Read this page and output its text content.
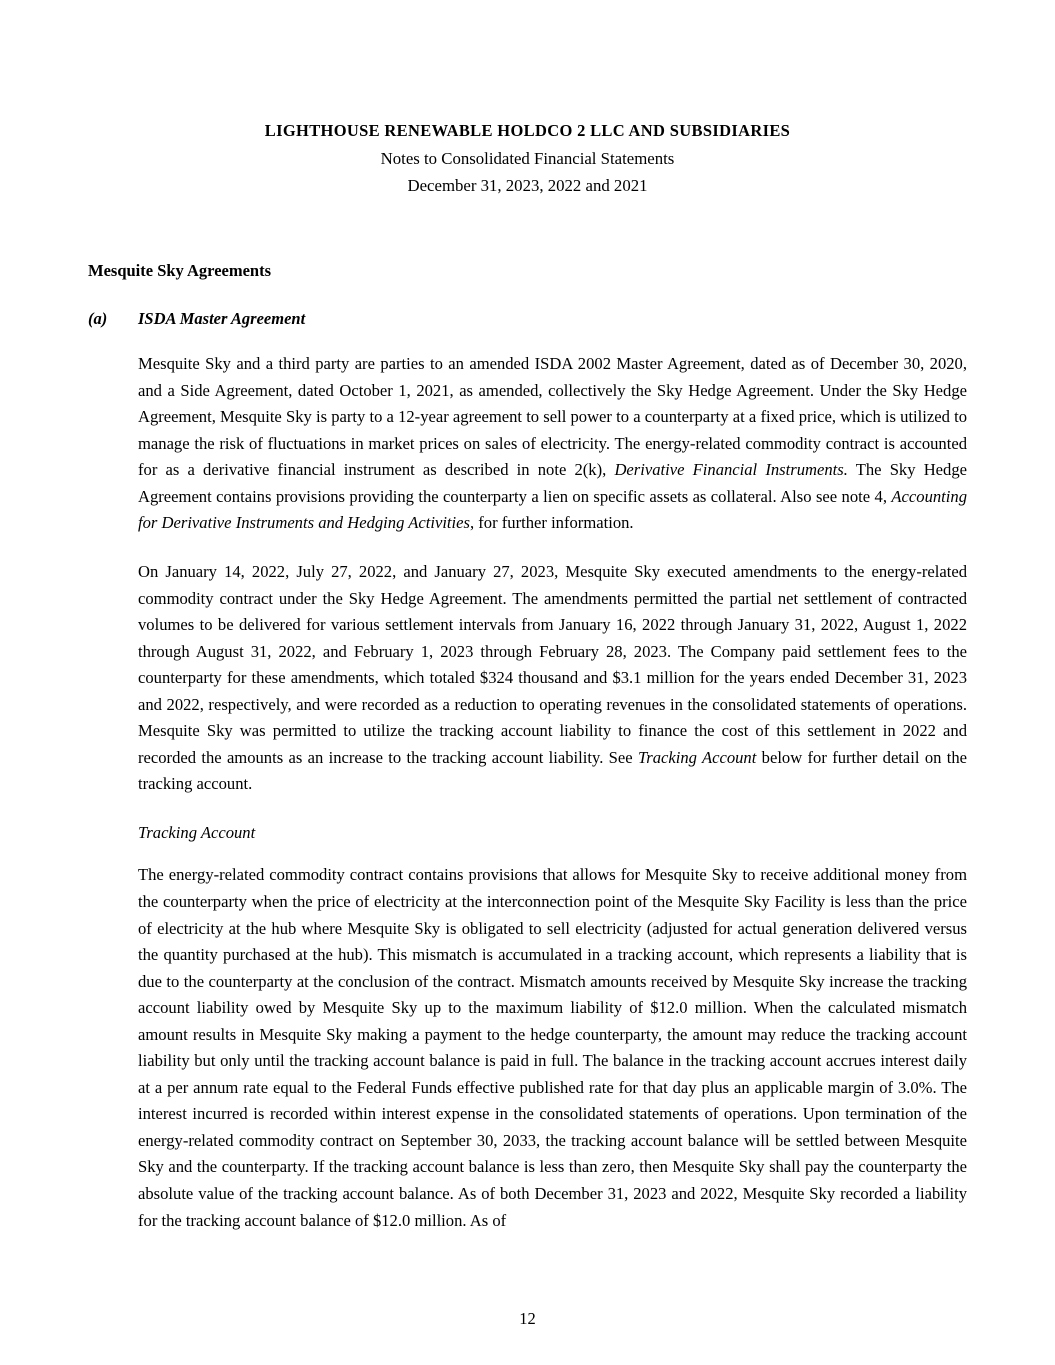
LIGHTHOUSE RENEWABLE HOLDCO 2 LLC AND SUBSIDIARIES
Notes to Consolidated Financial Statements
December 31, 2023, 2022 and 2021
Mesquite Sky Agreements
(a)	ISDA Master Agreement

Mesquite Sky and a third party are parties to an amended ISDA 2002 Master Agreement, dated as of December 30, 2020, and a Side Agreement, dated October 1, 2021, as amended, collectively the Sky Hedge Agreement. Under the Sky Hedge Agreement, Mesquite Sky is party to a 12-year agreement to sell power to a counterparty at a fixed price, which is utilized to manage the risk of fluctuations in market prices on sales of electricity. The energy-related commodity contract is accounted for as a derivative financial instrument as described in note 2(k), Derivative Financial Instruments. The Sky Hedge Agreement contains provisions providing the counterparty a lien on specific assets as collateral. Also see note 4, Accounting for Derivative Instruments and Hedging Activities, for further information.

On January 14, 2022, July 27, 2022, and January 27, 2023, Mesquite Sky executed amendments to the energy-related commodity contract under the Sky Hedge Agreement. The amendments permitted the partial net settlement of contracted volumes to be delivered for various settlement intervals from January 16, 2022 through January 31, 2022, August 1, 2022 through August 31, 2022, and February 1, 2023 through February 28, 2023. The Company paid settlement fees to the counterparty for these amendments, which totaled $324 thousand and $3.1 million for the years ended December 31, 2023 and 2022, respectively, and were recorded as a reduction to operating revenues in the consolidated statements of operations. Mesquite Sky was permitted to utilize the tracking account liability to finance the cost of this settlement in 2022 and recorded the amounts as an increase to the tracking account liability. See Tracking Account below for further detail on the tracking account.

Tracking Account

The energy-related commodity contract contains provisions that allows for Mesquite Sky to receive additional money from the counterparty when the price of electricity at the interconnection point of the Mesquite Sky Facility is less than the price of electricity at the hub where Mesquite Sky is obligated to sell electricity (adjusted for actual generation delivered versus the quantity purchased at the hub). This mismatch is accumulated in a tracking account, which represents a liability that is due to the counterparty at the conclusion of the contract. Mismatch amounts received by Mesquite Sky increase the tracking account liability owed by Mesquite Sky up to the maximum liability of $12.0 million. When the calculated mismatch amount results in Mesquite Sky making a payment to the hedge counterparty, the amount may reduce the tracking account liability but only until the tracking account balance is paid in full. The balance in the tracking account accrues interest daily at a per annum rate equal to the Federal Funds effective published rate for that day plus an applicable margin of 3.0%. The interest incurred is recorded within interest expense in the consolidated statements of operations. Upon termination of the energy-related commodity contract on September 30, 2033, the tracking account balance will be settled between Mesquite Sky and the counterparty. If the tracking account balance is less than zero, then Mesquite Sky shall pay the counterparty the absolute value of the tracking account balance. As of both December 31, 2023 and 2022, Mesquite Sky recorded a liability for the tracking account balance of $12.0 million. As of

12
